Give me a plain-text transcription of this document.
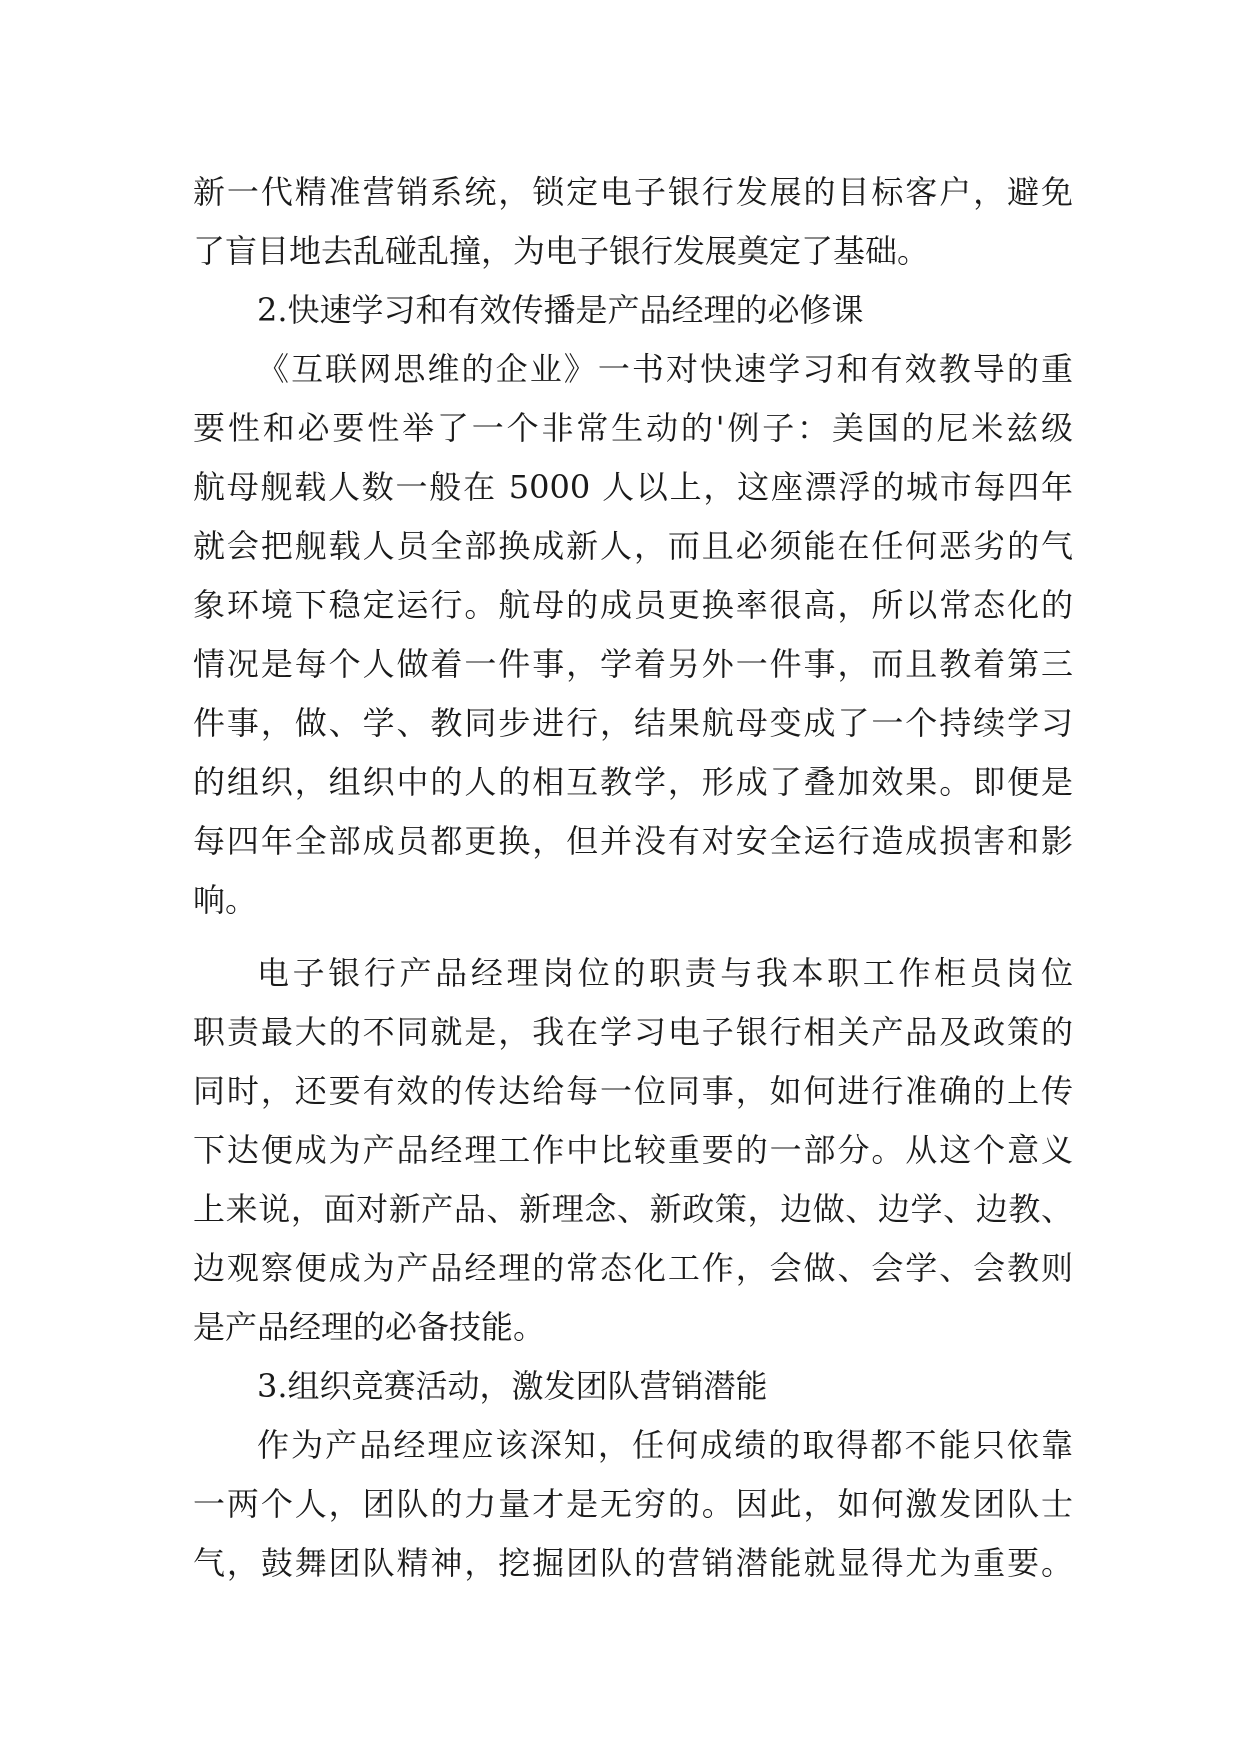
新一代精准营销系统，锁定电子银行发展的目标客户，避免
了盲目地去乱碰乱撞，为电子银行发展奠定了基础。
2.快速学习和有效传播是产品经理的必修课
《互联网思维的企业》一书对快速学习和有效教导的重
要性和必要性举了一个非常生动的'例子：美国的尼米兹级
航母舰载人数一般在 5000 人以上，这座漂浮的城市每四年
就会把舰载人员全部换成新人，而且必须能在任何恶劣的气
象环境下稳定运行。航母的成员更换率很高，所以常态化的
情况是每个人做着一件事，学着另外一件事，而且教着第三
件事，做、学、教同步进行，结果航母变成了一个持续学习
的组织，组织中的人的相互教学，形成了叠加效果。即便是
每四年全部成员都更换，但并没有对安全运行造成损害和影
响。
电子银行产品经理岗位的职责与我本职工作柜员岗位
职责最大的不同就是，我在学习电子银行相关产品及政策的
同时，还要有效的传达给每一位同事，如何进行准确的上传
下达便成为产品经理工作中比较重要的一部分。从这个意义
上来说，面对新产品、新理念、新政策，边做、边学、边教、
边观察便成为产品经理的常态化工作，会做、会学、会教则
是产品经理的必备技能。
3.组织竞赛活动，激发团队营销潜能
作为产品经理应该深知，任何成绩的取得都不能只依靠
一两个人，团队的力量才是无穷的。因此，如何激发团队士
气，鼓舞团队精神，挖掘团队的营销潜能就显得尤为重要。
